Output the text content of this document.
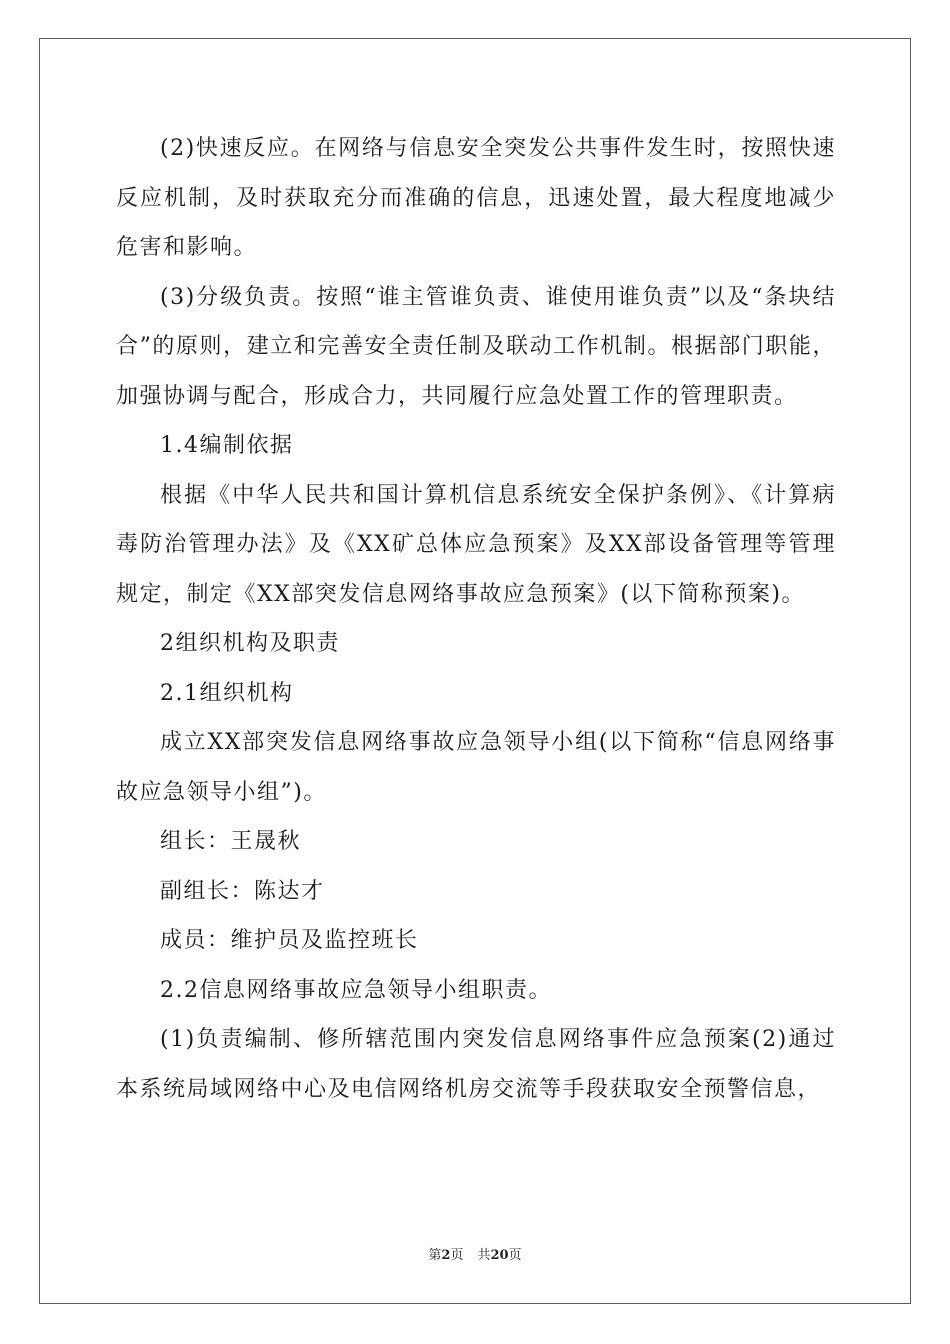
(2)快速反应。在网络与信息安全突发公共事件发生时，按照快速反应机制，及时获取充分而准确的信息，迅速处置，最大程度地减少危害和影响。

(3)分级负责。按照“谁主管谁负责、谁使用谁负责”以及“条块结合”的原则，建立和完善安全责任制及联动工作机制。根据部门职能，加强协调与配合，形成合力，共同履行应急处置工作的管理职责。

1.4编制依据

根据《中华人民共和国计算机信息系统安全保护条例》、《计算病毒防治管理办法》及《XX矿总体应急预案》及XX部设备管理等管理规定，制定《XX部突发信息网络事故应急预案》(以下简称预案)。

2组织机构及职责

2.1组织机构

成立XX部突发信息网络事故应急领导小组(以下简称“信息网络事故应急领导小组”)。

组长：王晟秋

副组长：陈达才

成员：维护员及监控班长

2.2信息网络事故应急领导小组职责。

(1)负责编制、修所辖范围内突发信息网络事件应急预案(2)通过本系统局域网络中心及电信网络机房交流等手段获取安全预警信息，

第2页 共20页
